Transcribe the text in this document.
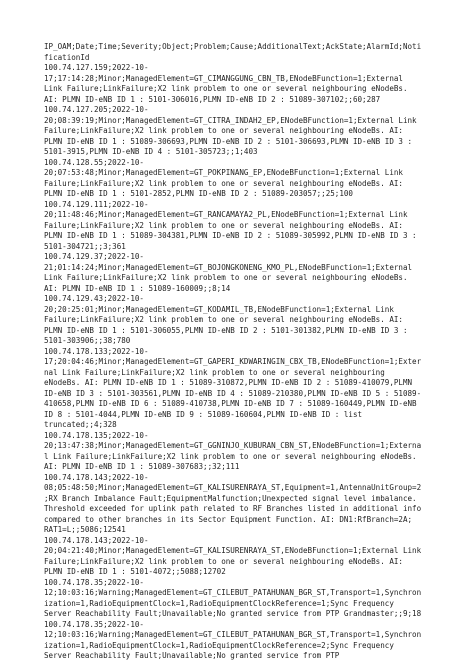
IP_OAM;Date;Time;Severity;Object;Problem;Cause;AdditionalText;AckState;AlarmId;Noti
ficationId
100.74.127.159;2022-10-
17;17:14:28;Minor;ManagedElement=GT_CIMANGGUNG_CBN_TB,ENodeBFunction=1;External
Link Failure;LinkFailure;X2 link problem to one or several neighbouring eNodeBs.
AI: PLMN ID-eNB ID 1 : 5101-306016,PLMN ID-eNB ID 2 : 51089-307102;;60;287
100.74.127.205;2022-10-
20;08:39:19;Minor;ManagedElement=GT_CITRA_INDAH2_EP,ENodeBFunction=1;External Link
Failure;LinkFailure;X2 link problem to one or several neighbouring eNodeBs. AI:
PLMN ID-eNB ID 1 : 51089-306693,PLMN ID-eNB ID 2 : 5101-306693,PLMN ID-eNB ID 3 :
5101-3915,PLMN ID-eNB ID 4 : 5101-305723;;1;403
100.74.128.55;2022-10-
20;07:53:48;Minor;ManagedElement=GT_POKPINANG_EP,ENodeBFunction=1;External Link
Failure;LinkFailure;X2 link problem to one or several neighbouring eNodeBs. AI:
PLMN ID-eNB ID 1 : 5101-2852,PLMN ID-eNB ID 2 : 51089-203057;;25;100
100.74.129.111;2022-10-
20;11:48:46;Minor;ManagedElement=GT_RANCAMAYA2_PL,ENodeBFunction=1;External Link
Failure;LinkFailure;X2 link problem to one or several neighbouring eNodeBs. AI:
PLMN ID-eNB ID 1 : 51089-304381,PLMN ID-eNB ID 2 : 51089-305992,PLMN ID-eNB ID 3 :
5101-304721;;3;361
100.74.129.37;2022-10-
21;01:14:24;Minor;ManagedElement=GT_BOJONGKONENG_KMO_PL,ENodeBFunction=1;External
Link Failure;LinkFailure;X2 link problem to one or several neighbouring eNodeBs.
AI: PLMN ID-eNB ID 1 : 51089-160009;;8;14
100.74.129.43;2022-10-
20;20:25:01;Minor;ManagedElement=GT_KODAMIL_TB,ENodeBFunction=1;External Link
Failure;LinkFailure;X2 link problem to one or several neighbouring eNodeBs. AI:
PLMN ID-eNB ID 1 : 5101-306055,PLMN ID-eNB ID 2 : 5101-301382,PLMN ID-eNB ID 3 :
5101-303906;;38;780
100.74.178.133;2022-10-
17;20:04:46;Minor;ManagedElement=GT_GAPERI_KDWARINGIN_CBX_TB,ENodeBFunction=1;Exter
nal Link Failure;LinkFailure;X2 link problem to one or several neighbouring
eNodeBs. AI: PLMN ID-eNB ID 1 : 51089-310872,PLMN ID-eNB ID 2 : 51089-410079,PLMN
ID-eNB ID 3 : 5101-303561,PLMN ID-eNB ID 4 : 51089-210380,PLMN ID-eNB ID 5 : 51089-
410658,PLMN ID-eNB ID 6 : 51089-410738,PLMN ID-eNB ID 7 : 51089-160449,PLMN ID-eNB
ID 8 : 5101-4044,PLMN ID-eNB ID 9 : 51089-160604,PLMN ID-eNB ID : list
truncated;;4;328
100.74.178.135;2022-10-
20;13:47:38;Minor;ManagedElement=GT_GGNINJO_KUBURAN_CBN_ST,ENodeBFunction=1;Externa
l Link Failure;LinkFailure;X2 link problem to one or several neighbouring eNodeBs.
AI: PLMN ID-eNB ID 1 : 51089-307683;;32;111
100.74.178.143;2022-10-
08;05:48:50;Minor;ManagedElement=GT_KALISURENRAYA_ST,Equipment=1,AntennaUnitGroup=2
;RX Branch Imbalance Fault;EquipmentMalfunction;Unexpected signal level imbalance.
Threshold exceeded for uplink path related to RF Branches listed in additional info
compared to other branches in its Sector Equipment Function. AI: DN1:RfBranch=2A;
RAT1=L;;5086;12541
100.74.178.143;2022-10-
20;04:21:40;Minor;ManagedElement=GT_KALISURENRAYA_ST,ENodeBFunction=1;External Link
Failure;LinkFailure;X2 link problem to one or several neighbouring eNodeBs. AI:
PLMN ID-eNB ID 1 : 5101-4072;;5088;12702
100.74.178.35;2022-10-
12;10:03:16;Warning;ManagedElement=GT_CILEBUT_PATAHUNAN_BGR_ST,Transport=1,Synchron
ization=1,RadioEquipmentClock=1,RadioEquipmentClockReference=1;Sync Frequency
Server Reachability Fault;Unavailable;No granted service from PTP Grandmaster;;9;18
100.74.178.35;2022-10-
12;10:03:16;Warning;ManagedElement=GT_CILEBUT_PATAHUNAN_BGR_ST,Transport=1,Synchron
ization=1,RadioEquipmentClock=1,RadioEquipmentClockReference=2;Sync Frequency
Server Reachability Fault;Unavailable;No granted service from PTP
